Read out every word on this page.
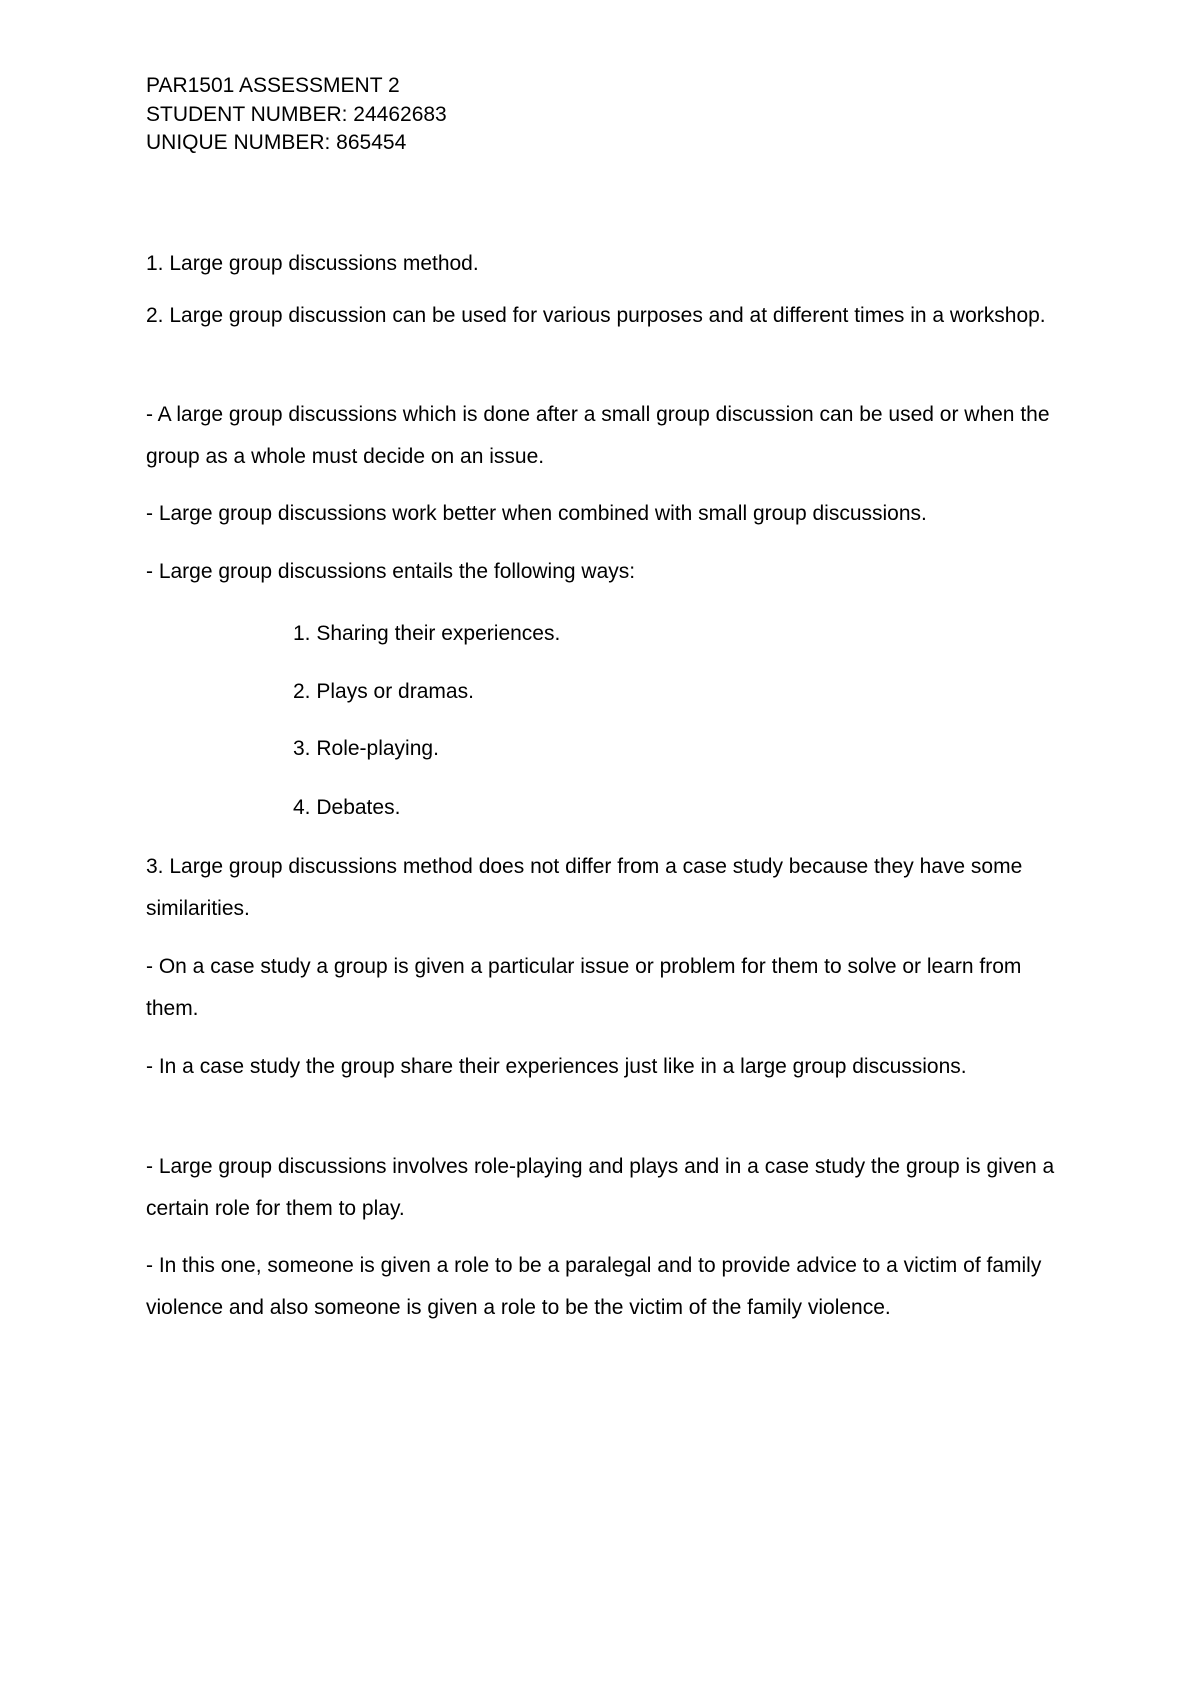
PAR1501 ASSESSMENT 2
STUDENT NUMBER: 24462683
UNIQUE NUMBER: 865454

1. Large group discussions method.

2. Large group discussion can be used for various purposes and at different times in a workshop.

- A large group discussions which is done after a small group discussion can be used or when the group as a whole must decide on an issue.

- Large group discussions work better when combined with small group discussions.

- Large group discussions entails the following ways:

1. Sharing their experiences.
2. Plays or dramas.
3. Role-playing.
4. Debates.

3. Large group discussions method does not differ from a case study because they have some similarities.

- On a case study a group is given a particular issue or problem for them to solve or learn from them.

- In a case study the group share their experiences just like in a large group discussions.

- Large group discussions involves role-playing and plays and in a case study the group is given a certain role for them to play.

- In this one, someone is given a role to be a paralegal and to provide advice to a victim of family violence and also someone is given a role to be the victim of the family violence.
